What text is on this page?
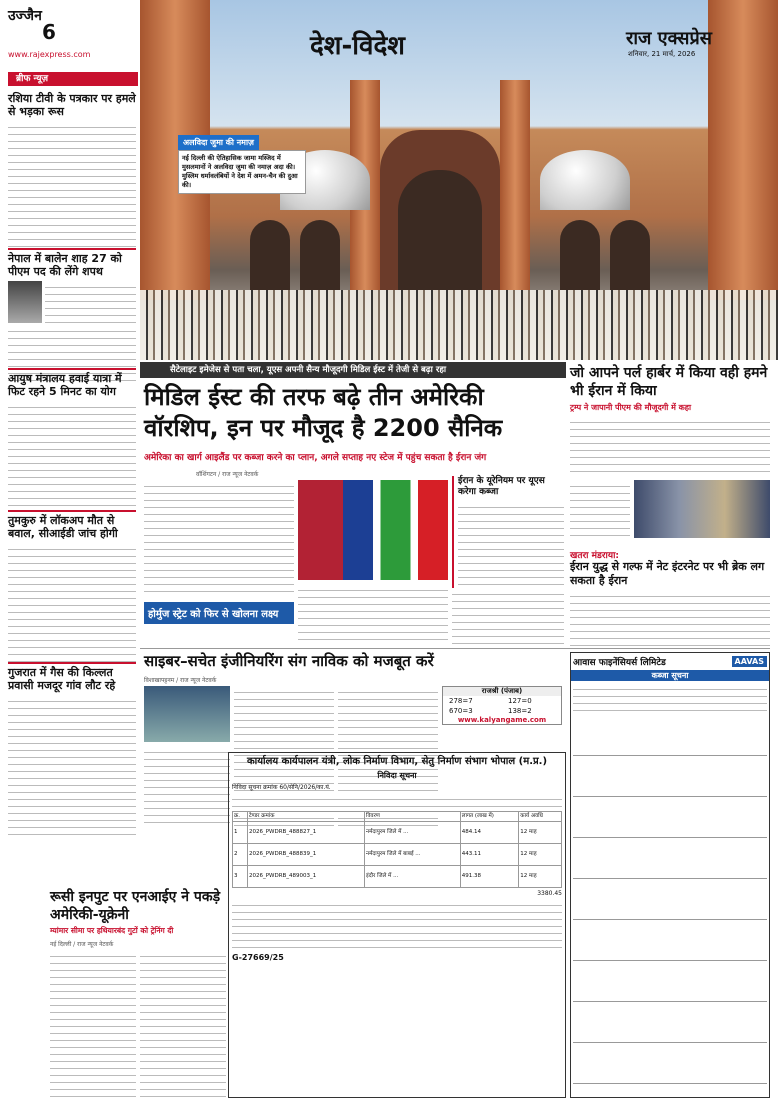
उज्जैन
6
www.rajexpress.com
ब्रीफ न्यूज़
रशिया टीवी के पत्रकार पर हमले से भड़का रूस
नेपाल में बालेन शाह 27 को पीएम पद की लेंगे शपथ
आयुष मंत्रालय हवाई यात्रा में फिट रहने 5 मिनट का योग
तुमकुरु में लॉकअप मौत से बवाल, सीआईडी जांच होगी
गुजरात में गैस की किल्लत प्रवासी मजदूर गांव लौट रहे
देश-विदेश	राज एक्सप्रेस
शनिवार, 21 मार्च, 2026
अलविदा जुमा की नमाज़
नई दिल्ली की ऐतिहासिक जामा मस्जिद में मुसलमानों ने अलविदा जुमा की नमाज़ अदा की। मुस्लिम धर्मावलंबियों ने देश में अमन-चैन की दुआ की।
सैटेलाइट इमेजेस से पता चला, यूएस अपनी सैन्य मौजूदगी मिडिल ईस्ट में तेजी से बढ़ा रहा
मिडिल ईस्ट की तरफ बढ़े तीन अमेरिकी वॉरशिप, इन पर मौजूद है 2200 सैनिक
अमेरिका का खार्ग आइलैंड पर कब्जा करने का प्लान, अगले सप्ताह नए स्टेज में पहुंच सकता है ईरान जंग
वॉशिंगटन / राज न्यूज नेटवर्क
ईरान के यूरेनियम पर यूएस करेगा कब्जा
होर्मुज स्ट्रेट को फिर से खोलना लक्ष्य
जो आपने पर्ल हार्बर में किया वही हमने भी ईरान में किया
ट्रम्प ने जापानी पीएम की मौजूदगी में कहा
खतरा मंडराया:
ईरान युद्ध से गल्फ में नेट इंटरनेट पर भी ब्रेक लग सकता है ईरान
साइबर–सचेत इंजीनियरिंग संग नाविक को मजबूत करें
विशाखापट्टनम / राज न्यूज नेटवर्क
राजश्री (पंजाब)
278=7	127=0
670=3	138=2
www.kalyangame.com
कार्यालय कार्यपालन यंत्री, लोक निर्माण विभाग, सेतु निर्माण संभाग भोपाल (म.प्र.)
निविदा सूचना
निविदा सूचना क्रमांक 60/सेनि/2026/का.यं.
क्र.	टेण्डर क्रमांक	विवरण	लागत (लाख में)	कार्य अवधि
1	2026_PWDRB_488827_1	नर्मदापुरम जिले में ...	484.14	12 माह
2	2026_PWDRB_488839_1	नर्मदापुरम जिले में बाबई ...	443.11	12 माह
3	2026_PWDRB_489003_1	इंदौर जिले में ...	491.38	12 माह
3380.45
G-27669/25
रूसी इनपुट पर एनआईए ने पकड़े अमेरिकी-यूक्रेनी
म्यांमार सीमा पर हथियारबंद गुटों को ट्रेनिंग दी
नई दिल्ली / राज न्यूज नेटवर्क
आवास फाइनेंसियर्स लिमिटेड	AAVAS
कब्जा सूचना
